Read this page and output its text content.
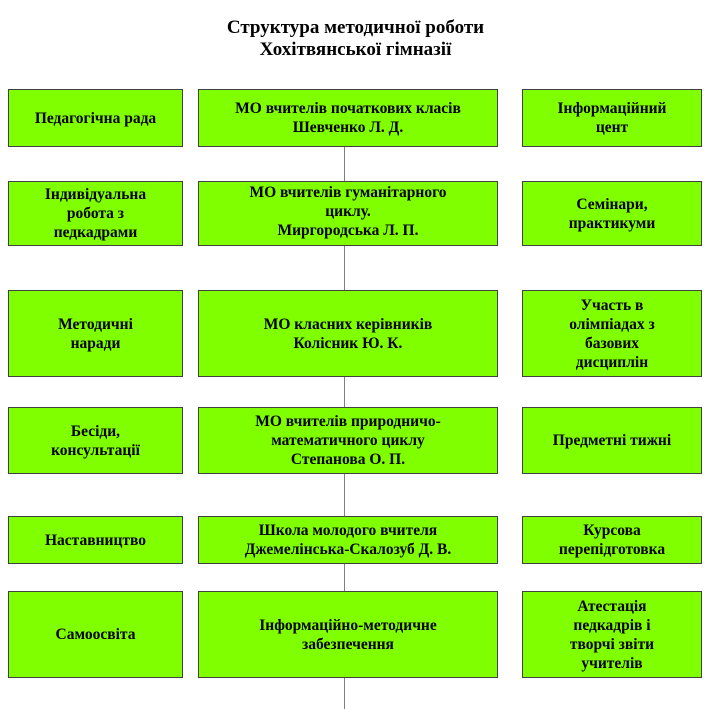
Структура методичної роботи
Хохітвянської гімназії
Педагогічна рада
МО вчителів початкових класів
Шевченко Л. Д.
Інформаційний
цент
Індивідуальна
робота з
педкадрами
МО вчителів гуманітарного
циклу.
Миргородська Л. П.
Семінари,
практикуми
Методичні
наради
МО класних керівників
Колісник Ю. К.
Участь в
олімпіадах з
базових
дисциплін
Бесіди,
консультації
МО вчителів природничо-
математичного циклу
Степанова О. П.
Предметні тижні
Наставництво
Школа молодого вчителя
Джемелінська-Скалозуб Д. В.
Курсова
перепідготовка
Самоосвіта
Інформаційно-методичне
забезпечення
Атестація
педкадрів і
творчі звіти
учителів
